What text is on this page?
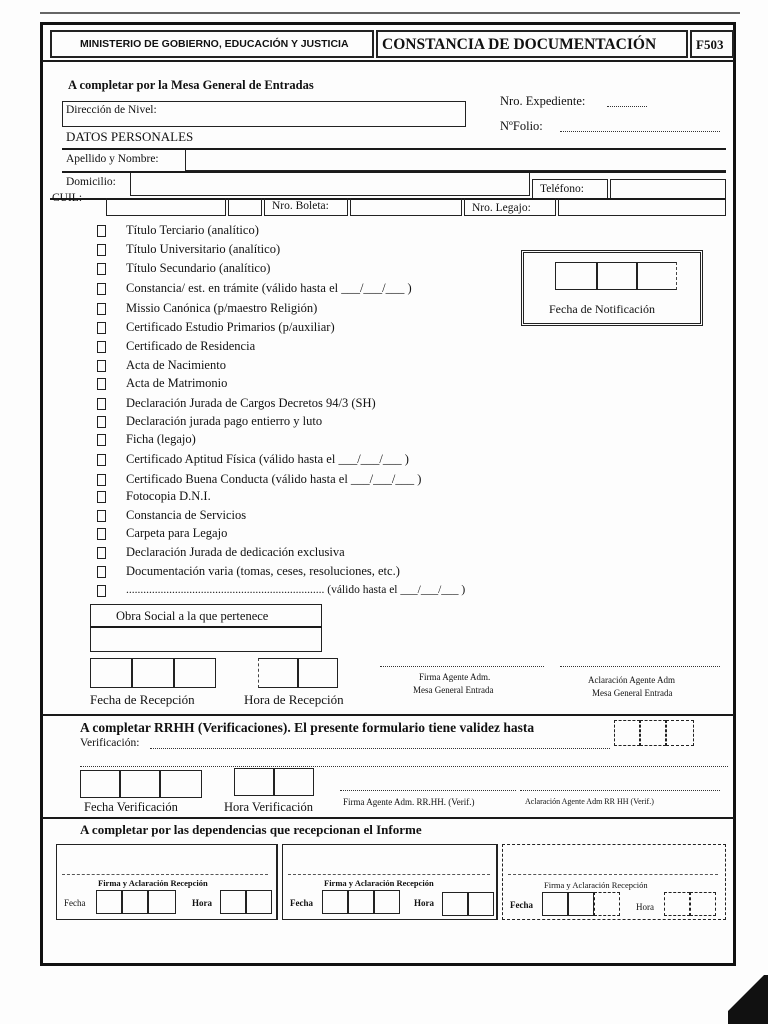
MINISTERIO DE GOBIERNO, EDUCACIÓN Y JUSTICIA CONSTANCIA DE DOCUMENTACIÓN	F503
A completar por la Mesa General de Entradas
Dirección de Nivel:
Nro. Expediente:
NºFolio:
DATOS PERSONALES
Apellido y Nombre:
Domicilio:
Teléfono:
CUIL:
Nro. Boleta:	Nro. Legajo:
Título Terciario (analítico)
Título Universitario (analítico)
Título Secundario (analítico)
Constancia/ est. en trámite (válido hasta el ___/___/___ )
Missio Canónica (p/maestro Religión)
Certificado Estudio Primarios (p/auxiliar)
Certificado de Residencia
Acta de Nacimiento
Acta de Matrimonio
Declaración Jurada de Cargos Decretos 94/3 (SH)
Declaración jurada pago entierro y luto
Ficha (legajo)
Certificado Aptitud Física (válido hasta el ___/___/___ )
Certificado Buena Conducta (válido hasta el ___/___/___ )
Fotocopia D.N.I.
Constancia de Servicios
Carpeta para Legajo
Declaración Jurada de dedicación exclusiva
Documentación varia (tomas, ceses, resoluciones, etc.)
..................................................................... (válido hasta el ___/___/___ )
Fecha de Notificación
Obra Social a la que pertenece
Fecha de Recepción	Hora de Recepción
Firma Agente Adm.
Mesa General Entrada
Aclaración Agente Adm
Mesa General Entrada
A completar RRHH (Verificaciones). El presente formulario tiene validez hasta
Verificación:
Fecha Verificación	Hora Verificación	Firma Agente Adm. RR.HH. (Verif.)	Aclaración Agente Adm RR HH (Verif.)
A completar por las dependencias que recepcionan el Informe
Firma y Aclaración Recepción
Fecha	Hora
Firma y Aclaración Recepción
Fecha	Hora
Firma y Aclaración Recepción
Fecha	Hora
